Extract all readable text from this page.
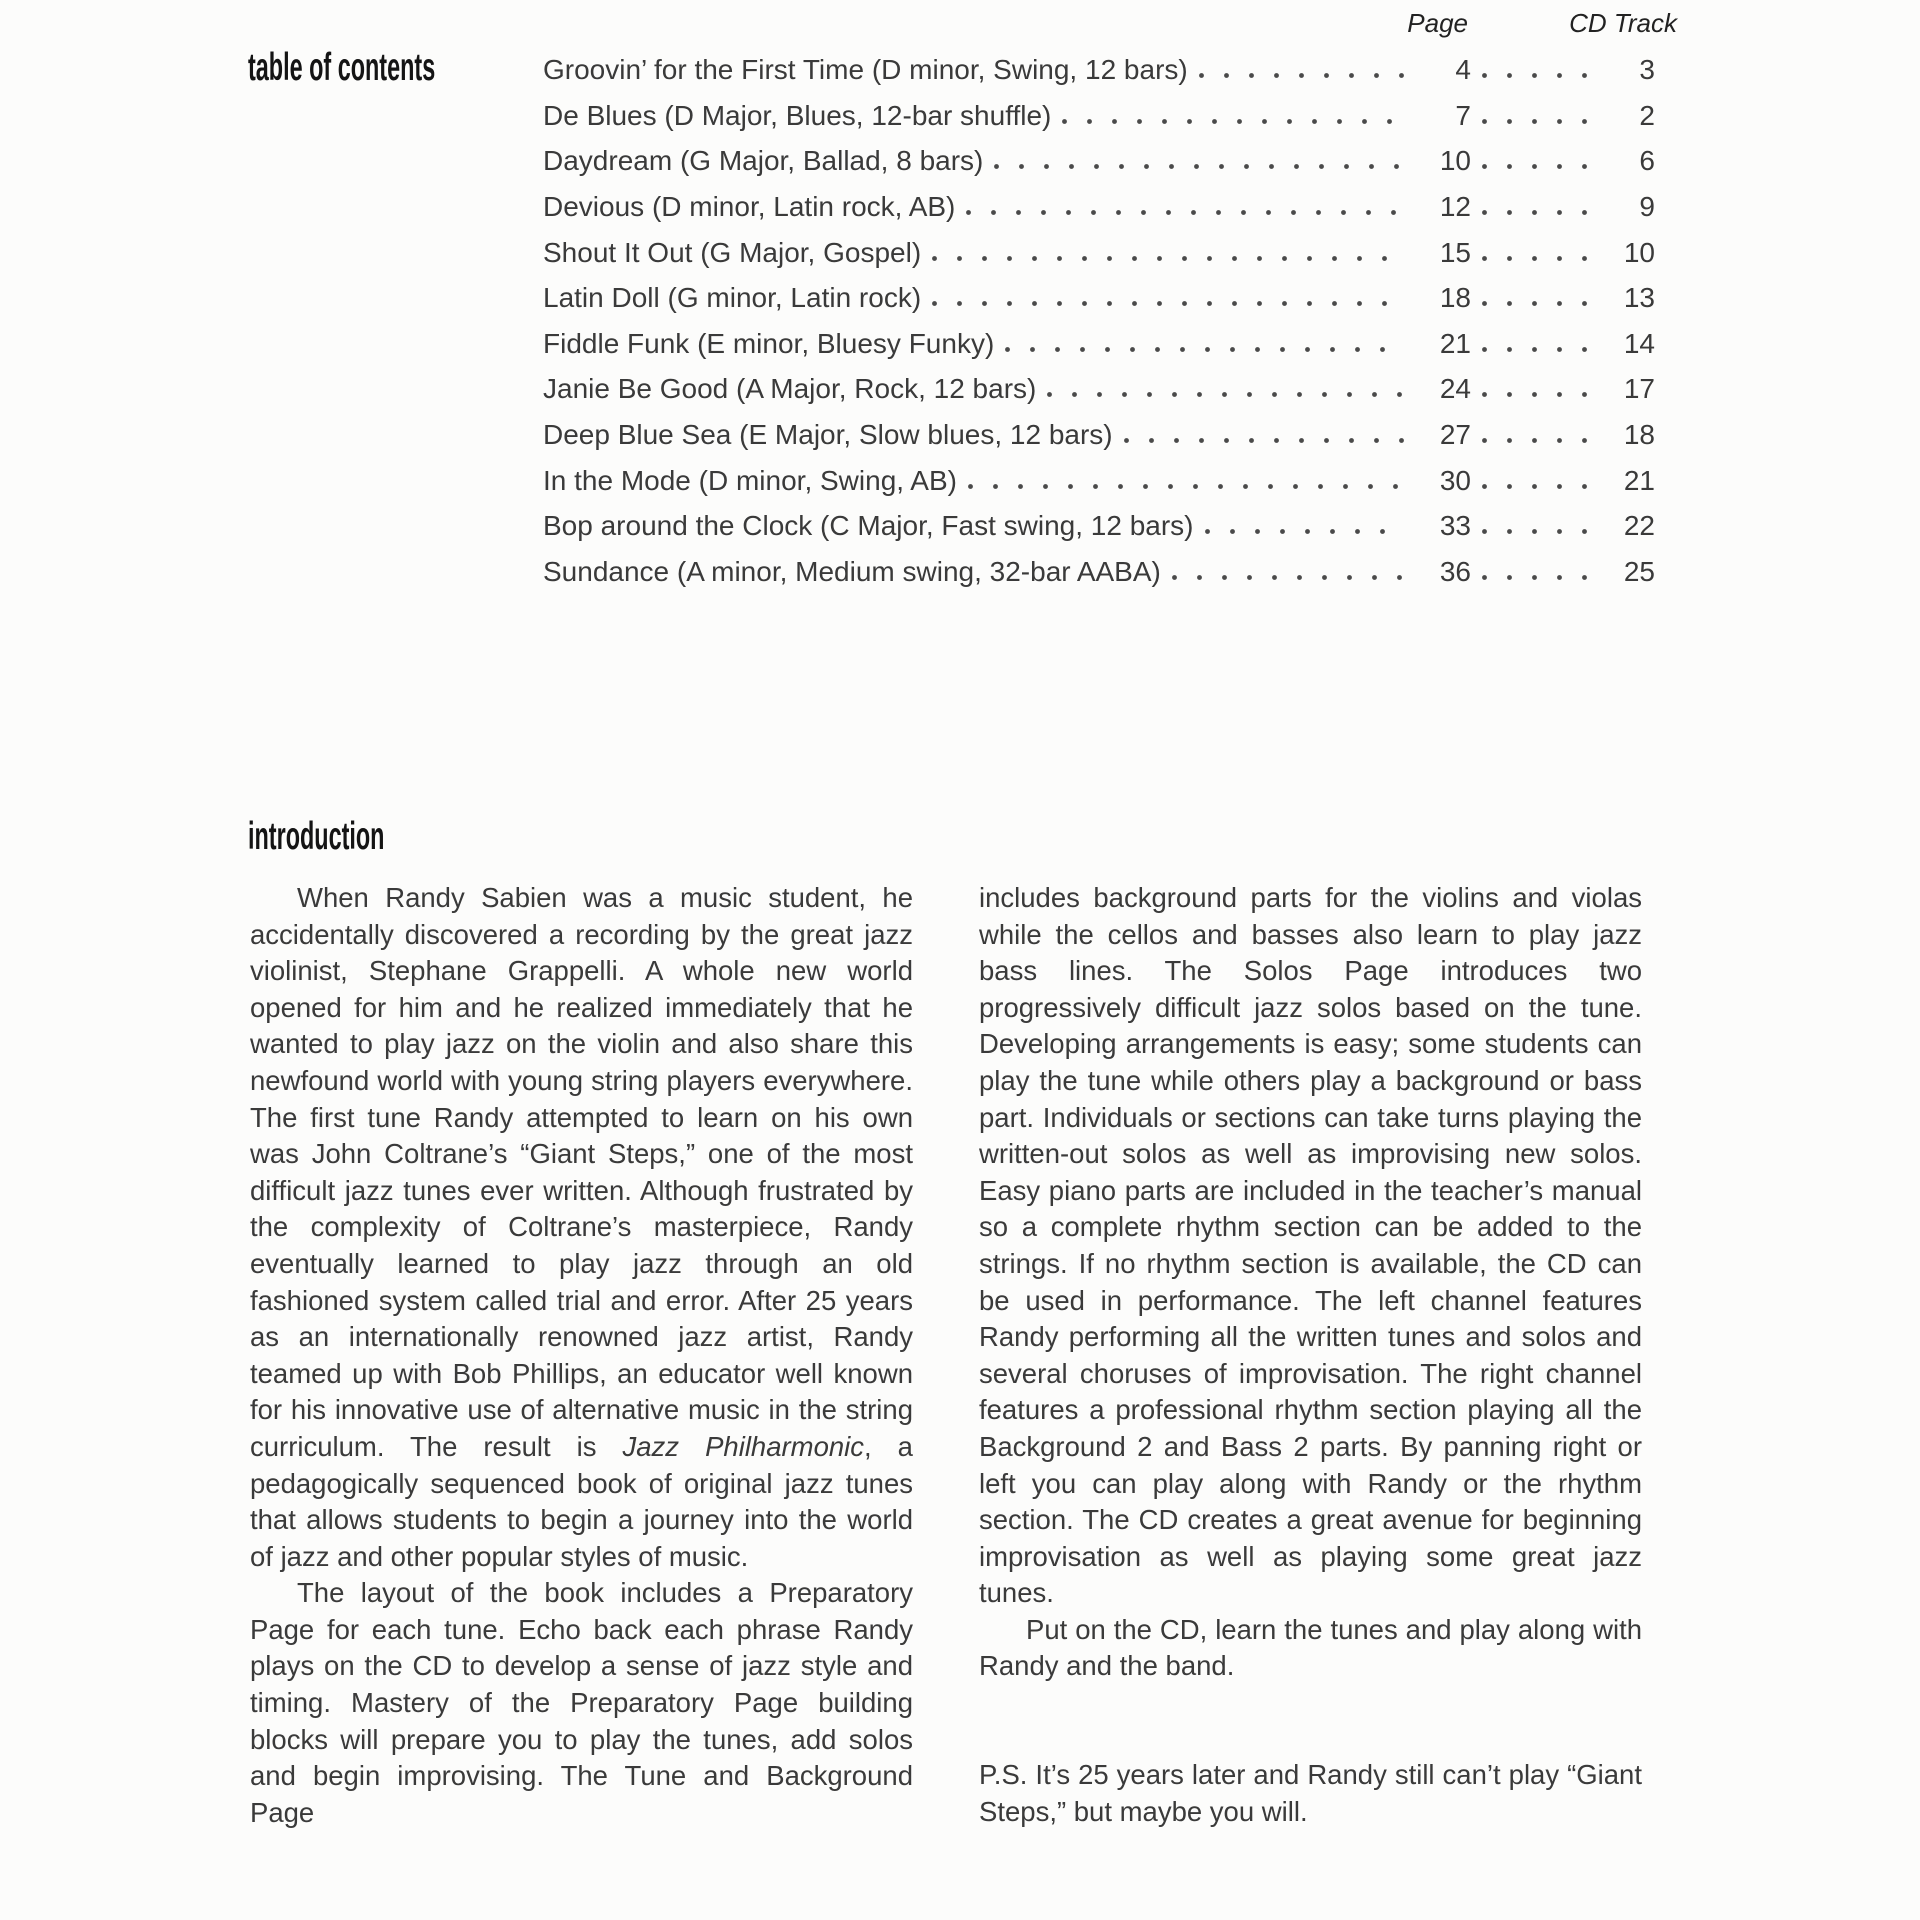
table of contents
Page	CD Track
Groovin’ for the First Time (D minor, Swing, 12 bars)	4	3
De Blues (D Major, Blues, 12-bar shuffle)	7	2
Daydream (G Major, Ballad, 8 bars)	10	6
Devious (D minor, Latin rock, AB)	12	9
Shout It Out (G Major, Gospel)	15	10
Latin Doll (G minor, Latin rock)	18	13
Fiddle Funk (E minor, Bluesy Funky)	21	14
Janie Be Good (A Major, Rock, 12 bars)	24	17
Deep Blue Sea (E Major, Slow blues, 12 bars)	27	18
In the Mode (D minor, Swing, AB)	30	21
Bop around the Clock (C Major, Fast swing, 12 bars)	33	22
Sundance (A minor, Medium swing, 32-bar AABA)	36	25
introduction

When Randy Sabien was a music student, he accidentally discovered a recording by the great jazz violinist, Stephane Grappelli. A whole new world opened for him and he realized immediately that he wanted to play jazz on the violin and also share this newfound world with young string players everywhere. The first tune Randy attempted to learn on his own was John Coltrane’s “Giant Steps,” one of the most difficult jazz tunes ever written. Although frustrated by the complexity of Coltrane’s masterpiece, Randy eventually learned to play jazz through an old fashioned system called trial and error. After 25 years as an internationally renowned jazz artist, Randy teamed up with Bob Phillips, an educator well known for his innovative use of alternative music in the string curriculum. The result is Jazz Philharmonic, a pedagogically sequenced book of original jazz tunes that allows students to begin a journey into the world of jazz and other popular styles of music.

The layout of the book includes a Preparatory Page for each tune. Echo back each phrase Randy plays on the CD to develop a sense of jazz style and timing. Mastery of the Preparatory Page building blocks will prepare you to play the tunes, add solos and begin improvising. The Tune and Background Page

includes background parts for the violins and violas while the cellos and basses also learn to play jazz bass lines. The Solos Page introduces two progressively difficult jazz solos based on the tune. Developing arrangements is easy; some students can play the tune while others play a background or bass part. Individuals or sections can take turns playing the written-out solos as well as improvising new solos. Easy piano parts are included in the teacher’s manual so a complete rhythm section can be added to the strings. If no rhythm section is available, the CD can be used in performance. The left channel features Randy performing all the written tunes and solos and several choruses of improvisation. The right channel features a professional rhythm section playing all the Background 2 and Bass 2 parts. By panning right or left you can play along with Randy or the rhythm section. The CD creates a great avenue for beginning improvisation as well as playing some great jazz tunes.

Put on the CD, learn the tunes and play along with Randy and the band.

P.S. It’s 25 years later and Randy still can’t play “Giant Steps,” but maybe you will.
